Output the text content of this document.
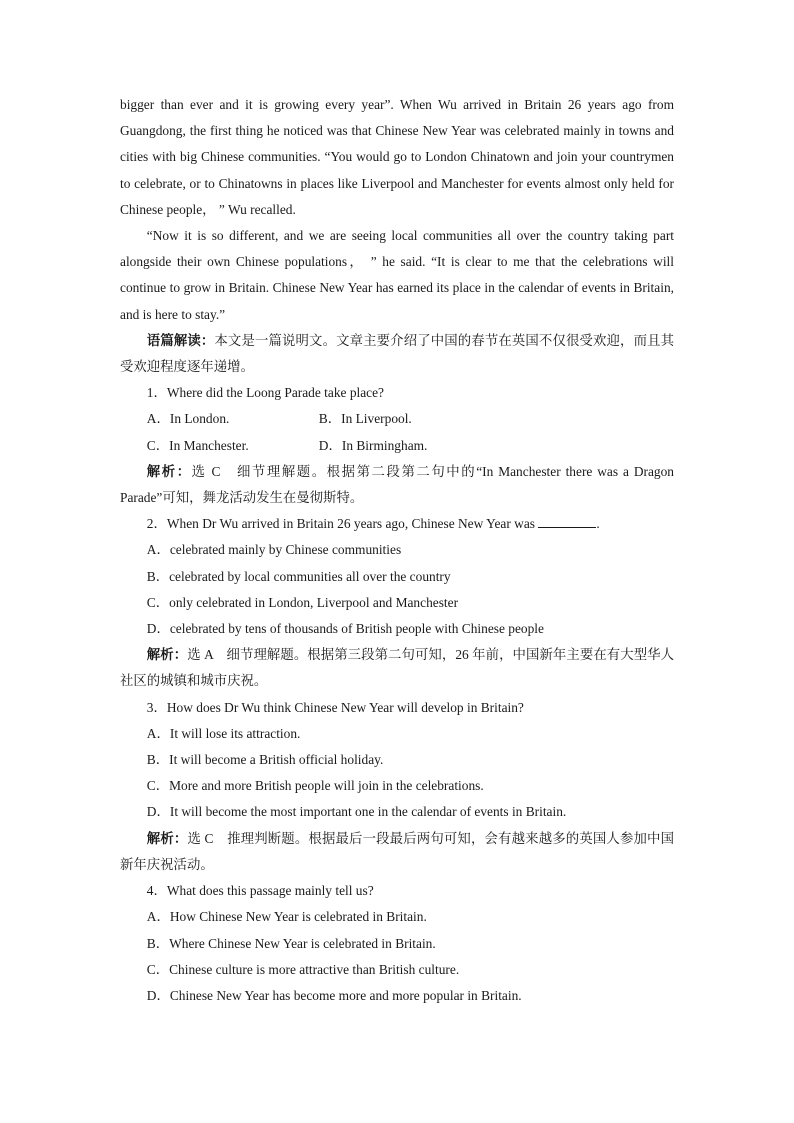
bigger than ever and it is growing every year”. When Wu arrived in Britain 26 years ago from Guangdong, the first thing he noticed was that Chinese New Year was celebrated mainly in towns and cities with big Chinese communities. “You would go to London Chinatown and join your countrymen to celebrate, or to Chinatowns in places like Liverpool and Manchester for events almost only held for Chinese people， ” Wu recalled.

“Now it is so different, and we are seeing local communities all over the country taking part alongside their own Chinese populations， ” he said. “It is clear to me that the celebrations will continue to grow in Britain. Chinese New Year has earned its place in the calendar of events in Britain, and is here to stay.”

语篇解读：本文是一篇说明文。文章主要介绍了中国的春节在英国不仅很受欢迎，而且其受欢迎程度逐年递增。

1．Where did the Loong Parade take place?

A．In London.	B．In Liverpool.
C．In Manchester.	D．In Birmingham.

解析：选 C　细节理解题。根据第二段第二句中的“In Manchester there was a Dragon Parade”可知，舞龙活动发生在曼彻斯特。

2．When Dr Wu arrived in Britain 26 years ago, Chinese New Year was	.

A．celebrated mainly by Chinese communities

B．celebrated by local communities all over the country

C．only celebrated in London, Liverpool and Manchester

D．celebrated by tens of thousands of British people with Chinese people

解析：选 A　细节理解题。根据第三段第二句可知，26 年前，中国新年主要在有大型华人社区的城镇和城市庆祝。

3．How does Dr Wu think Chinese New Year will develop in Britain?

A．It will lose its attraction.

B．It will become a British official holiday.

C．More and more British people will join in the celebrations.

D．It will become the most important one in the calendar of events in Britain.

解析：选 C　推理判断题。根据最后一段最后两句可知，会有越来越多的英国人参加中国新年庆祝活动。

4．What does this passage mainly tell us?

A．How Chinese New Year is celebrated in Britain.

B．Where Chinese New Year is celebrated in Britain.

C．Chinese culture is more attractive than British culture.

D．Chinese New Year has become more and more popular in Britain.
